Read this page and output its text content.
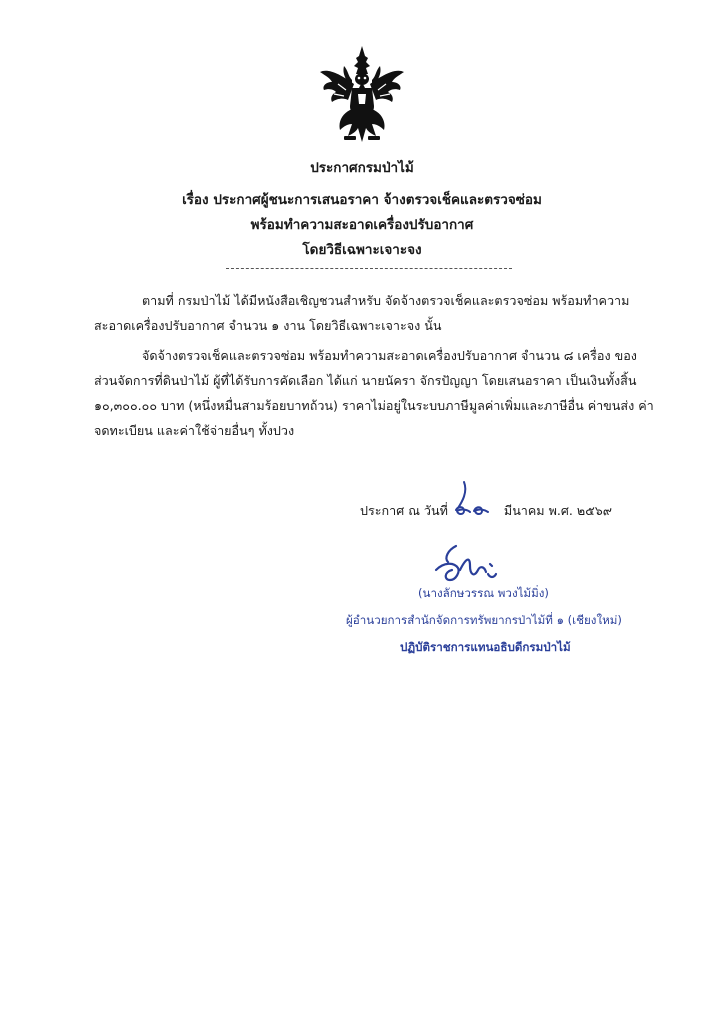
ประกาศกรมป่าไม้
เรื่อง ประกาศผู้ชนะการเสนอราคา จ้างตรวจเช็คและตรวจซ่อม
พร้อมทำความสะอาดเครื่องปรับอากาศ
โดยวิธีเฉพาะเจาะจง

ตามที่ กรมป่าไม้ ได้มีหนังสือเชิญชวนสำหรับ จัดจ้างตรวจเช็คและตรวจซ่อม พร้อมทำความสะอาดเครื่องปรับอากาศ จำนวน ๑ งาน โดยวิธีเฉพาะเจาะจง นั้น

จัดจ้างตรวจเช็คและตรวจซ่อม พร้อมทำความสะอาดเครื่องปรับอากาศ จำนวน ๘ เครื่อง ของส่วนจัดการที่ดินป่าไม้ ผู้ที่ได้รับการคัดเลือก ได้แก่ นายนัครา จักรปัญญา โดยเสนอราคา เป็นเงินทั้งสิ้น ๑๐,๓๐๐.๐๐ บาท (หนึ่งหมื่นสามร้อยบาทถ้วน) ราคาไม่อยู่ในระบบภาษีมูลค่าเพิ่มและภาษีอื่น ค่าขนส่ง ค่าจดทะเบียน และค่าใช้จ่ายอื่นๆ ทั้งปวง

ประกาศ ณ วันที่	มีนาคม พ.ศ. ๒๕๖๙
(นางลักษวรรณ พวงไม้มิ่ง)
ผู้อำนวยการสำนักจัดการทรัพยากรป่าไม้ที่ ๑ (เชียงใหม่)
ปฏิบัติราชการแทนอธิบดีกรมป่าไม้
